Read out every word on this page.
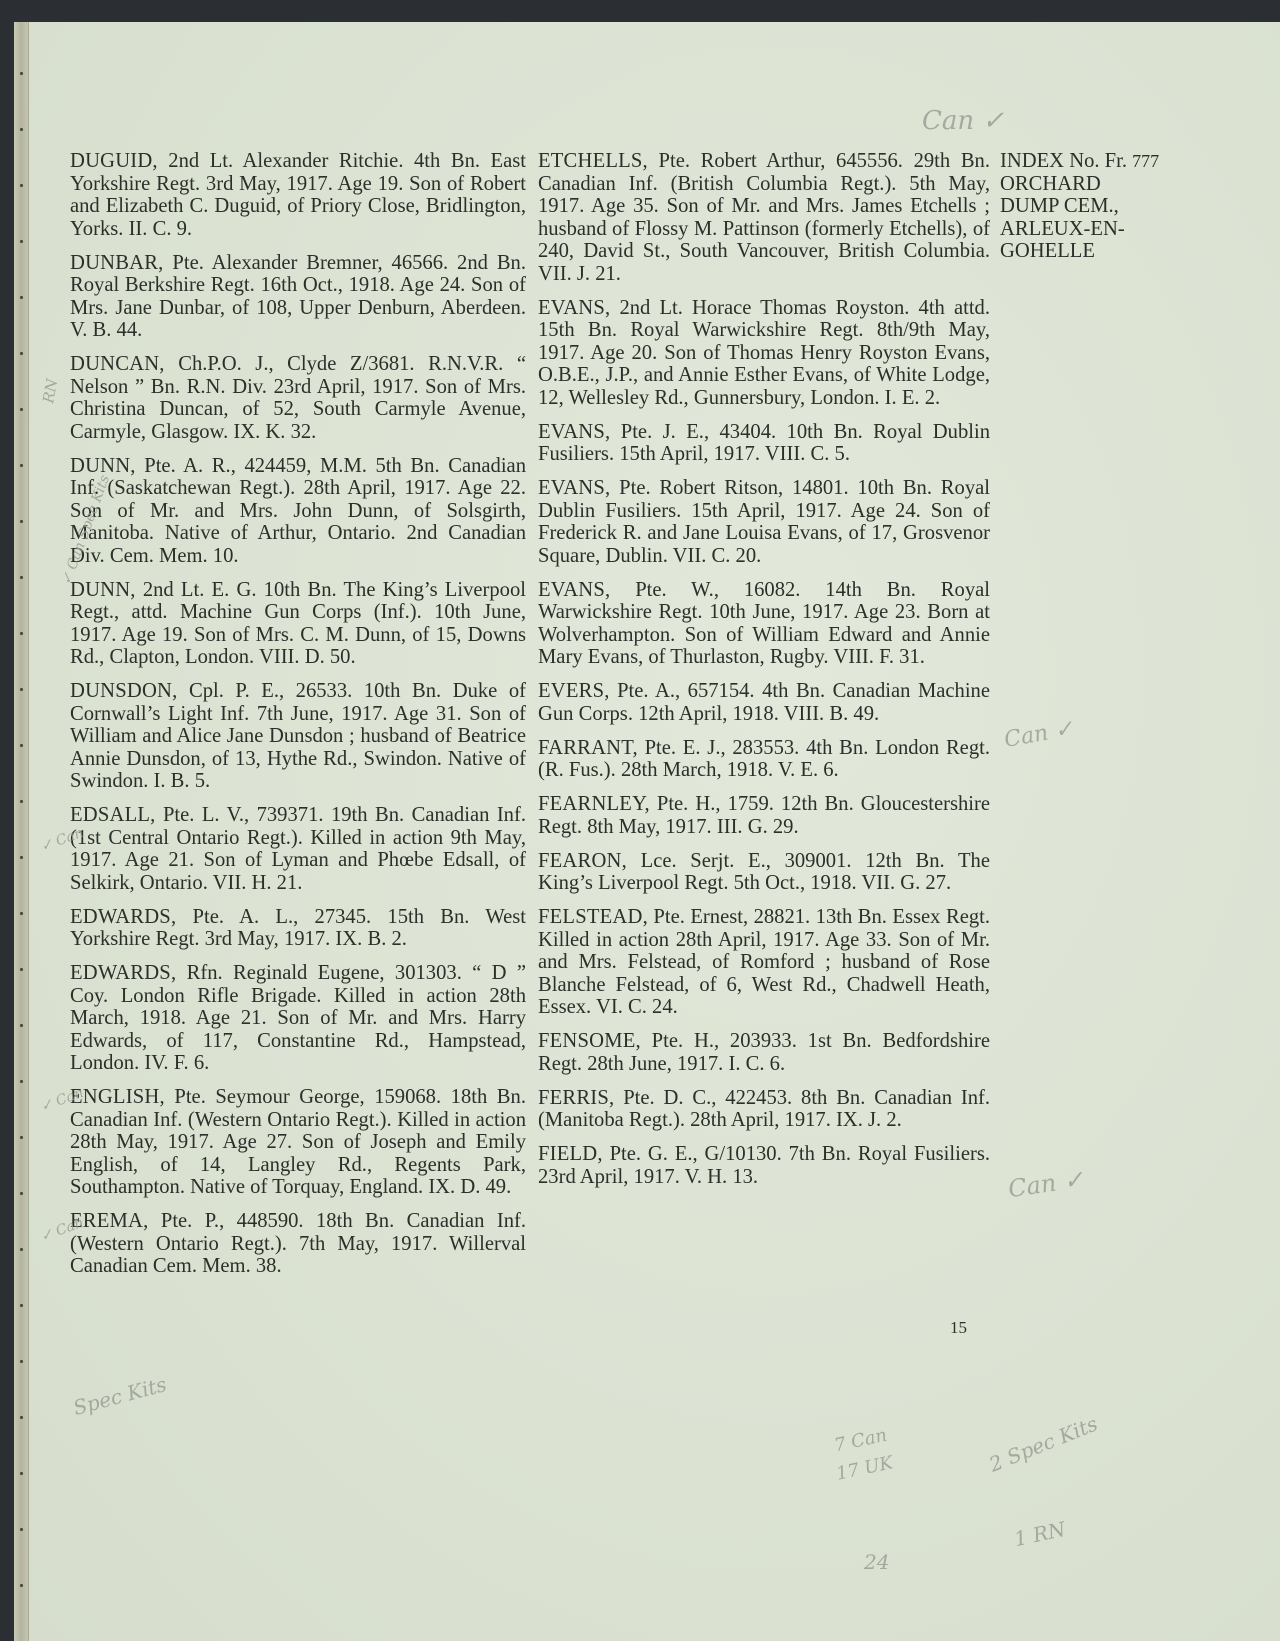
DUGUID, 2nd Lt. Alexander Ritchie. 4th Bn. East Yorkshire Regt. 3rd May, 1917. Age 19. Son of Robert and Elizabeth C. Duguid, of Priory Close, Bridlington, Yorks. II. C. 9.

DUNBAR, Pte. Alexander Bremner, 46566. 2nd Bn. Royal Berkshire Regt. 16th Oct., 1918. Age 24. Son of Mrs. Jane Dunbar, of 108, Upper Denburn, Aberdeen. V. B. 44.

DUNCAN, Ch.P.O. J., Clyde Z/3681. R.N.V.R. “ Nelson ” Bn. R.N. Div. 23rd April, 1917. Son of Mrs. Christina Duncan, of 52, South Carmyle Avenue, Carmyle, Glasgow. IX. K. 32.

DUNN, Pte. A. R., 424459, M.M. 5th Bn. Canadian Inf. (Saskatchewan Regt.). 28th April, 1917. Age 22. Son of Mr. and Mrs. John Dunn, of Solsgirth, Manitoba. Native of Arthur, Ontario. 2nd Canadian Div. Cem. Mem. 10.

DUNN, 2nd Lt. E. G. 10th Bn. The King’s Liverpool Regt., attd. Machine Gun Corps (Inf.). 10th June, 1917. Age 19. Son of Mrs. C. M. Dunn, of 15, Downs Rd., Clapton, London. VIII. D. 50.

DUNSDON, Cpl. P. E., 26533. 10th Bn. Duke of Cornwall’s Light Inf. 7th June, 1917. Age 31. Son of William and Alice Jane Dunsdon ; husband of Beatrice Annie Dunsdon, of 13, Hythe Rd., Swindon. Native of Swindon. I. B. 5.

EDSALL, Pte. L. V., 739371. 19th Bn. Canadian Inf. (1st Central Ontario Regt.). Killed in action 9th May, 1917. Age 21. Son of Lyman and Phœbe Edsall, of Selkirk, Ontario. VII. H. 21.

EDWARDS, Pte. A. L., 27345. 15th Bn. West Yorkshire Regt. 3rd May, 1917. IX. B. 2.

EDWARDS, Rfn. Reginald Eugene, 301303. “ D ” Coy. London Rifle Brigade. Killed in action 28th March, 1918. Age 21. Son of Mr. and Mrs. Harry Edwards, of 117, Constantine Rd., Hampstead, London. IV. F. 6.

ENGLISH, Pte. Seymour George, 159068. 18th Bn. Canadian Inf. (Western Ontario Regt.). Killed in action 28th May, 1917. Age 27. Son of Joseph and Emily English, of 14, Langley Rd., Regents Park, Southampton. Native of Torquay, England. IX. D. 49.

EREMA, Pte. P., 448590. 18th Bn. Canadian Inf. (Western Ontario Regt.). 7th May, 1917. Willerval Canadian Cem. Mem. 38.

ETCHELLS, Pte. Robert Arthur, 645556. 29th Bn. Canadian Inf. (British Columbia Regt.). 5th May, 1917. Age 35. Son of Mr. and Mrs. James Etchells ; husband of Flossy M. Pattinson (formerly Etchells), of 240, David St., South Vancouver, British Columbia. VII. J. 21.

EVANS, 2nd Lt. Horace Thomas Royston. 4th attd. 15th Bn. Royal Warwickshire Regt. 8th/9th May, 1917. Age 20. Son of Thomas Henry Royston Evans, O.B.E., J.P., and Annie Esther Evans, of White Lodge, 12, Wellesley Rd., Gunnersbury, London. I. E. 2.

EVANS, Pte. J. E., 43404. 10th Bn. Royal Dublin Fusiliers. 15th April, 1917. VIII. C. 5.

EVANS, Pte. Robert Ritson, 14801. 10th Bn. Royal Dublin Fusiliers. 15th April, 1917. Age 24. Son of Frederick R. and Jane Louisa Evans, of 17, Grosvenor Square, Dublin. VII. C. 20.

EVANS, Pte. W., 16082. 14th Bn. Royal Warwickshire Regt. 10th June, 1917. Age 23. Born at Wolverhampton. Son of William Edward and Annie Mary Evans, of Thurlaston, Rugby. VIII. F. 31.

EVERS, Pte. A., 657154. 4th Bn. Canadian Machine Gun Corps. 12th April, 1918. VIII. B. 49.

FARRANT, Pte. E. J., 283553. 4th Bn. London Regt. (R. Fus.). 28th March, 1918. V. E. 6.

FEARNLEY, Pte. H., 1759. 12th Bn. Gloucestershire Regt. 8th May, 1917. III. G. 29.

FEARON, Lce. Serjt. E., 309001. 12th Bn. The King’s Liverpool Regt. 5th Oct., 1918. VII. G. 27.

FELSTEAD, Pte. Ernest, 28821. 13th Bn. Essex Regt. Killed in action 28th April, 1917. Age 33. Son of Mr. and Mrs. Felstead, of Romford ; husband of Rose Blanche Felstead, of 6, West Rd., Chadwell Heath, Essex. VI. C. 24.

FENSOME, Pte. H., 203933. 1st Bn. Bedfordshire Regt. 28th June, 1917. I. C. 6.

FERRIS, Pte. D. C., 422453. 8th Bn. Canadian Inf. (Manitoba Regt.). 28th April, 1917. IX. J. 2.

FIELD, Pte. G. E., G/10130. 7th Bn. Royal Fusiliers. 23rd April, 1917. V. H. 13.

INDEX No. Fr. 777
ORCHARD
DUMP CEM.,
ARLEUX-EN-
GOHELLE
15
Can ✓
Can ✓
Can ✓
RN
✓ Can Spec Kits
✓ Can
✓ Can
✓ Can
Spec Kits
7 Can
17 UK	2 Spec Kits
1 RN
24
